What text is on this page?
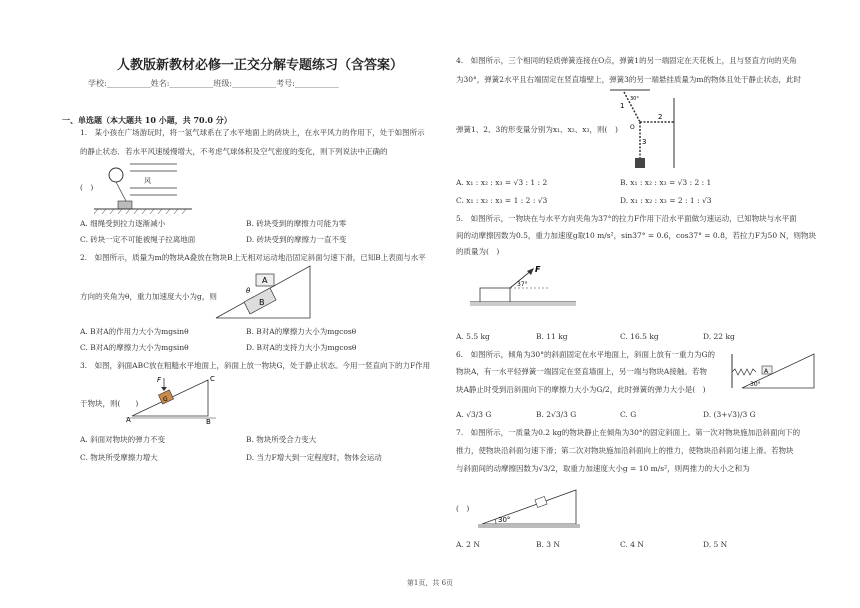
人教版新教材必修一正交分解专题练习（含答案）
学校:___________姓名:___________班级:___________考号:___________
一、单选题（本大题共 10 小题，共 70.0 分）
1.　某小孩在广场游玩时，将一氢气球系在了水平地面上的砖块上，在水平风力的作用下，处于如图所示
的静止状态．若水平风速缓慢增大，不考虑气球体积及空气密度的变化，则下列说法中正确的
风
(　)
A. 细绳受到拉力逐渐减小	B. 砖块受到的摩擦力可能为零
C. 砖块一定不可能被绳子拉离地面	D. 砖块受到的摩擦力一直不变
2.　如图所示，质量为m的物块A叠放在物块B上无相对运动地沿固定斜面匀速下滑，已知B上表面与水平
A
B
θ
方向的夹角为θ，重力加速度大小为g，则
A. B对A的作用力大小为mgsinθ	B. B对A的摩擦力大小为mgcosθ
C. B对A的摩擦力大小为mgsinθ	D. B对A的支持力大小为mgcosθ
3.　如图，斜面ABC放在粗糙水平地面上，斜面上放一物块G，处于静止状态。今用一竖直向下的力F作用
F	C
G
A	B
于物块，则(　　)
A. 斜面对物块的弹力不变	B. 物块所受合力变大
C. 物块所受摩擦力增大	D. 当力F增大到一定程度时，物体会运动
4.　如图所示，三个相同的轻质弹簧连接在O点，弹簧1的另一端固定在天花板上，且与竖直方向的夹角
为30°，弹簧2水平且右端固定在竖直墙壁上，弹簧3的另一端悬挂质量为m的物体且处于静止状态，此时
1
2
3
O
30°
弹簧1、2、3的形变量分别为x₁、x₂、x₃，则(　)
A. x₁ : x₂ : x₃ = √3 : 1 : 2	B. x₁ : x₂ : x₃ = √3 : 2 : 1
C. x₁ : x₂ : x₃ = 1 : 2 : √3	D. x₁ : x₂ : x₃ = 2 : 1 : √3
5.　如图所示，一物块在与水平方向夹角为37°的拉力F作用下沿水平面做匀速运动，已知物块与水平面
间的动摩擦因数为0.5，重力加速度g取10 m/s²，sin37° = 0.6，cos37° = 0.8，若拉力F为50 N，则物块
的质量为(　)
F
37°
A. 5.5 kg	B. 11 kg	C. 16.5 kg	D. 22 kg
6.　如图所示，倾角为30°的斜面固定在水平地面上，斜面上放有一重力为G的
物块A，有一水平轻弹簧一端固定在竖直墙面上，另一端与物块A接触。若物
块A静止时受到沿斜面向下的摩擦力大小为G/2，此时弹簧的弹力大小是(　)
A
30°
A. √3/3 G	B. 2√3/3 G	C. G	D. (3+√3)/3 G
7.　如图所示，一质量为0.2 kg的物块静止在倾角为30°的固定斜面上。第一次对物块施加沿斜面向下的
推力，使物块沿斜面匀速下滑；第二次对物块施加沿斜面向上的推力，使物块沿斜面匀速上滑。若物块
与斜面间的动摩擦因数为√3/2，取重力加速度大小g = 10 m/s²，则两推力的大小之和为
30°
(　)
A. 2 N	B. 3 N	C. 4 N	D. 5 N
第1页，共 6页
